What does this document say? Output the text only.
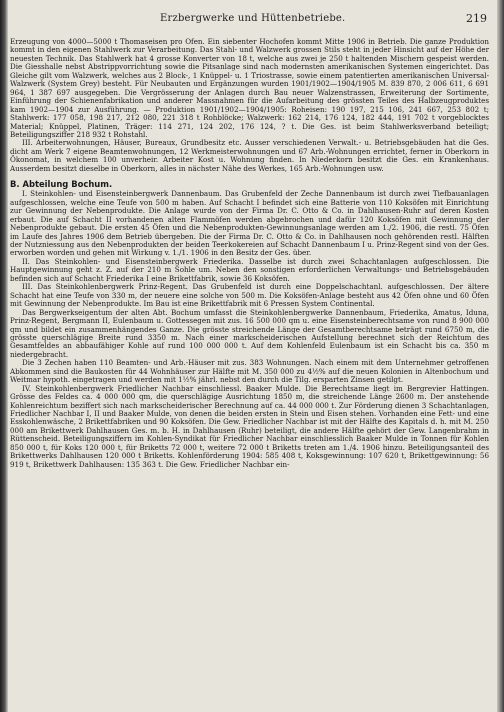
Erzbergwerke und Hüttenbetriebe.	219

Erzeugung von 4000—5000 t Thomaseisen pro Ofen. Ein siebenter Hochofen kommt Mitte 1906 in Betrieb. Die ganze Produktion kommt in den eigenen Stahlwerk zur Verarbeitung. Das Stahl- und Walzwerk grossen Stils steht in jeder Hinsicht auf der Höhe der neuesten Technik. Das Stahlwerk hat 4 grosse Konverter von 18 t, welche aus zwei je 250 t haltenden Mischern gespeist werden. Die Giesshalle nebst Abstrippvorrichtung sowie die Pitsanlage sind nach modernsten amerikanischen Systemen eingerichtet. Das Gleiche gilt vom Walzwerk, welches aus 2 Block-, 1 Knüppel- u. 1 Triostrasse, sowie einem patentierten amerikanischen Universal-Walzwerk (System Grey) besteht. Für Neubauten und Ergänzungen wurden 1901/1902—1904/1905 M. 839 870, 2 006 611, 6 691 964, 1 387 697 ausgegeben. Die Vergrösserung der Anlagen durch Bau neuer Walzenstrassen, Erweiterung der Sortimente, Einführung der Schienenfabrikation und anderer Massnahmen für die Aufarbeitung des grössten Teiles des Halbzeugproduktes kam 1902—1904 zur Ausführung. — Produktion 1901/1902—1904/1905: Roheisen: 190 197, 215 106, 241 667, 253 802 t; Stahlwerk: 177 058, 198 217, 212 080, 221 318 t Rohblöcke; Walzwerk: 162 214, 176 124, 182 444, 191 702 t vorgeblocktes Material; Knüppel, Platinen, Träger: 114 271, 124 202, 176 124, ? t. Die Ges. ist beim Stahlwerksverband beteiligt; Beteiligungsziffer 218 932 t Rohstahl.

III. Arbeiterwohnungen, Häuser, Bureaux, Grundbesitz etc. Ausser verschiedenen Verwalt.- u. Betriebsgebäuden hat die Ges. dicht am Werk 7 eigene Beamtenwohnungen, 12 Werkmeisterwohnungen und 67 Arb.-Wohnungen errichtet, ferner in Oberkorn in Ökonomat, in welchem 100 unverheir. Arbeiter Kost u. Wohnung finden. In Niederkorn besitzt die Ges. ein Krankenhaus. Ausserdem besitzt dieselbe in Oberkorn, alles in nächster Nähe des Werkes, 165 Arb.-Wohnungen usw.

B. Abteilung Bochum.

I. Steinkohlen- und Eisensteinbergwerk Dannenbaum. Das Grubenfeld der Zeche Dannenbaum ist durch zwei Tiefbauanlagen aufgeschlossen, welche eine Teufe von 500 m haben. Auf Schacht I befindet sich eine Batterie von 110 Koksöfen mit Einrichtung zur Gewinnung der Nebenprodukte. Die Anlage wurde von der Firma Dr. C. Otto & Co. in Dahlhausen-Ruhr auf deren Kosten erbaut. Die auf Schacht II vorhandenen alten Flammöfen werden abgebrochen und dafür 120 Koksöfen mit Gewinnung der Nebenprodukte gebaut. Die ersten 45 Öfen und die Nebenprodukten-Gewinnungsanlage werden am 1./2. 1906, die restl. 75 Öfen im Laufe des Jahres 1906 dem Betrieb übergeben. Die der Firma Dr. C. Otto & Co. in Dahlhausen noch gehörenden restl. Hälften der Nutzniessung aus den Nebenprodukten der beiden Teerkokereien auf Schacht Dannenbaum I u. Prinz-Regent sind von der Ges. erworben worden und gehen mit Wirkung v. 1./1. 1906 in den Besitz der Ges. über.

II. Das Steinkohlen- und Eisensteinbergwerk Friederika. Dasselbe ist durch zwei Schachtanlagen aufgeschlossen. Die Hauptgewinnung geht z. Z. auf der 210 m Sohle um. Neben den sonstigen erforderlichen Verwaltungs- und Betriebsgebäuden befinden sich auf Schacht Friederika I eine Brikettfabrik, sowie 36 Koksöfen.

III. Das Steinkohlenbergwerk Prinz-Regent. Das Grubenfeld ist durch eine Doppelschachtanl. aufgeschlossen. Der ältere Schacht hat eine Teufe von 330 m, der neuere eine solche von 500 m. Die Koksöfen-Anlage besteht aus 42 Öfen ohne und 60 Öfen mit Gewinnung der Nebenprodukte. Im Bau ist eine Brikettfabrik mit 6 Pressen System Continental.

Das Bergwerkseigentum der alten Abt. Bochum umfasst die Steinkohlenbergwerke Dannenbaum, Friederika, Amatus, Iduna, Prinz-Regent, Bergmann II, Eulenbaum u. Gottessegen mit zus. 16 500 000 qm u. eine Eisensteinberechtsame von rund 8 900 000 qm und bildet ein zusammenhängendes Ganze. Die grösste streichende Länge der Gesamtberechtsame beträgt rund 6750 m, die grösste querschlägige Breite rund 3350 m. Nach einer markscheiderischen Aufstellung berechnet sich der Reichtum des Gesamtfeldes an abbaufähiger Kohle auf rund 100 000 000 t. Auf dem Kohlenfeld Eulenbaum ist ein Schacht bis ca. 350 m niedergebracht.

Die 3 Zechen haben 110 Beamten- und Arb.-Häuser mit zus. 383 Wohnungen. Nach einem mit dem Unternehmer getroffenen Abkommen sind die Baukosten für 44 Wohnhäuser zur Hälfte mit M. 350 000 zu 4½% auf die neuen Kolonien in Altenbochum und Weitmar hypoth. eingetragen und werden mit 1½% jährl. nebst den durch die Tilg. ersparten Zinsen getilgt.

IV. Steinkohlenbergwerk Friedlicher Nachbar einschliessl. Baaker Mulde. Die Berechtsame liegt im Bergrevier Hattingen. Grösse des Feldes ca. 4 000 000 qm, die querschlägige Ausrichtung 1850 m, die streichende Länge 2600 m. Der anstehende Kohlenreichtum beziffert sich nach markscheiderischer Berechnung auf ca. 44 000 000 t. Zur Förderung dienen 3 Schachtanlagen, Friedlicher Nachbar I, II und Baaker Mulde, von denen die beiden ersten in Stein und Eisen stehen. Vorhanden eine Fett- und eine Esskohlenwäsche, 2 Brikettfabriken und 90 Koksöfen. Die Gew. Friedlicher Nachbar ist mit der Hälfte des Kapitals d. h. mit M. 250 000 am Brikettwerk Dahlhausen Ges. m. b. H. in Dahlhausen (Ruhr) beteiligt, die andere Hälfte gehört der Gew. Langenbrahm in Rüttenscheid. Beteiligungsziffern im Kohlen-Syndikat für Friedlicher Nachbar einschliesslich Baaker Mulde in Tonnen für Kohlen 850 000 t, für Koks 120 000 t, für Briketts 72 000 t, weitere 72 000 t Briketts treten am 1./4. 1906 hinzu. Beteiligungsanteil des Brikettwerks Dahlhausen 120 000 t Briketts. Kohlenförderung 1904: 585 408 t, Koksgewinnung: 107 620 t, Brikettgewinnung: 56 919 t, Brikettwerk Dahlhausen: 135 363 t. Die Gew. Friedlicher Nachbar ein-
